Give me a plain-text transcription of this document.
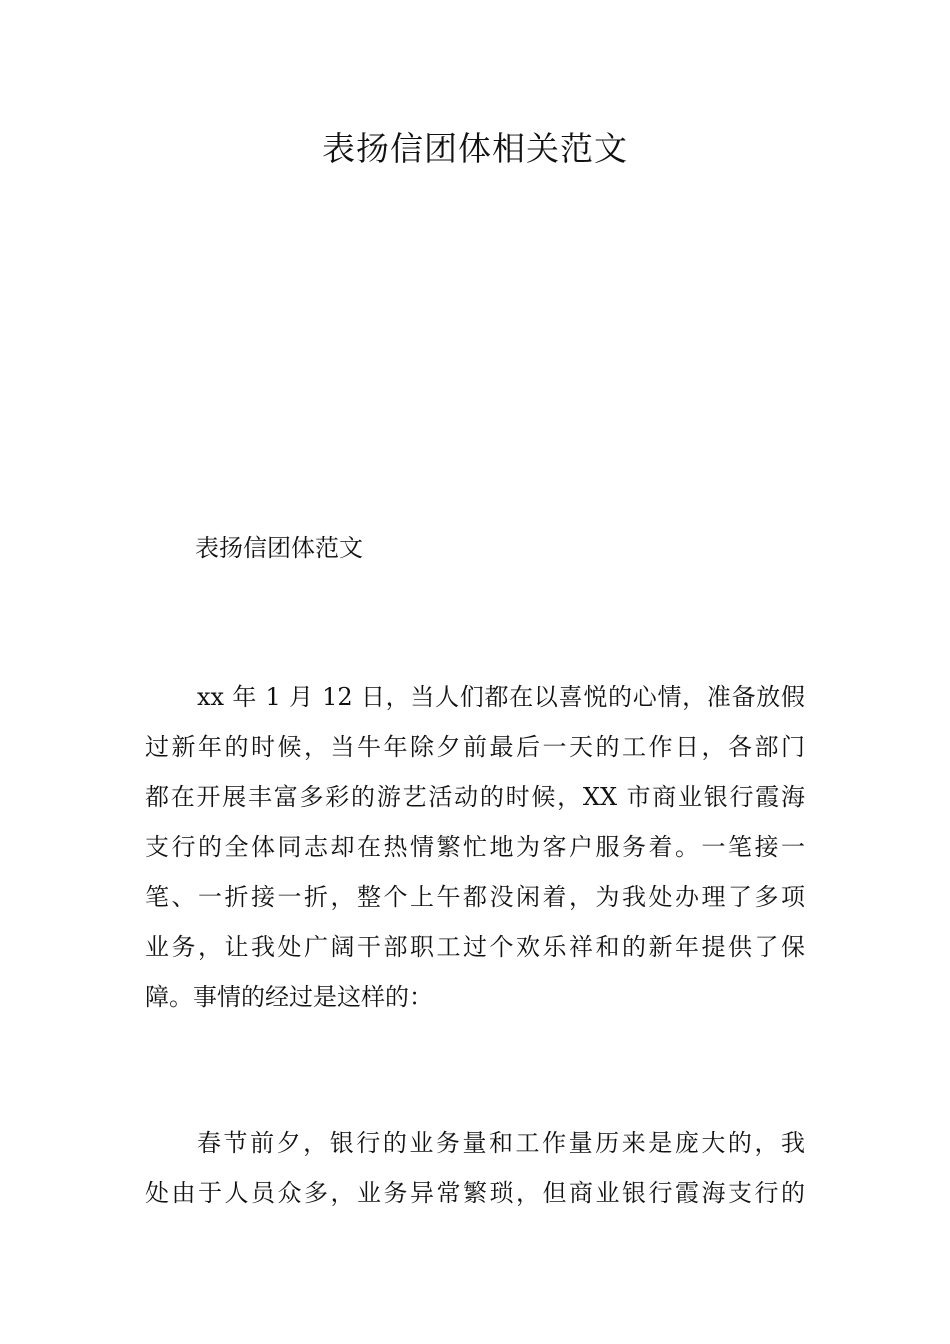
表扬信团体相关范文

表扬信团体范文

xx 年 1 月 12 日，当人们都在以喜悦的心情，准备放假
过新年的时候，当牛年除夕前最后一天的工作日，各部门
都在开展丰富多彩的游艺活动的时候，XX 市商业银行霞海
支行的全体同志却在热情繁忙地为客户服务着。一笔接一
笔、一折接一折，整个上午都没闲着，为我处办理了多项
业务，让我处广阔干部职工过个欢乐祥和的新年提供了保
障。事情的经过是这样的：
春节前夕，银行的业务量和工作量历来是庞大的，我
处由于人员众多，业务异常繁琐，但商业银行霞海支行的
